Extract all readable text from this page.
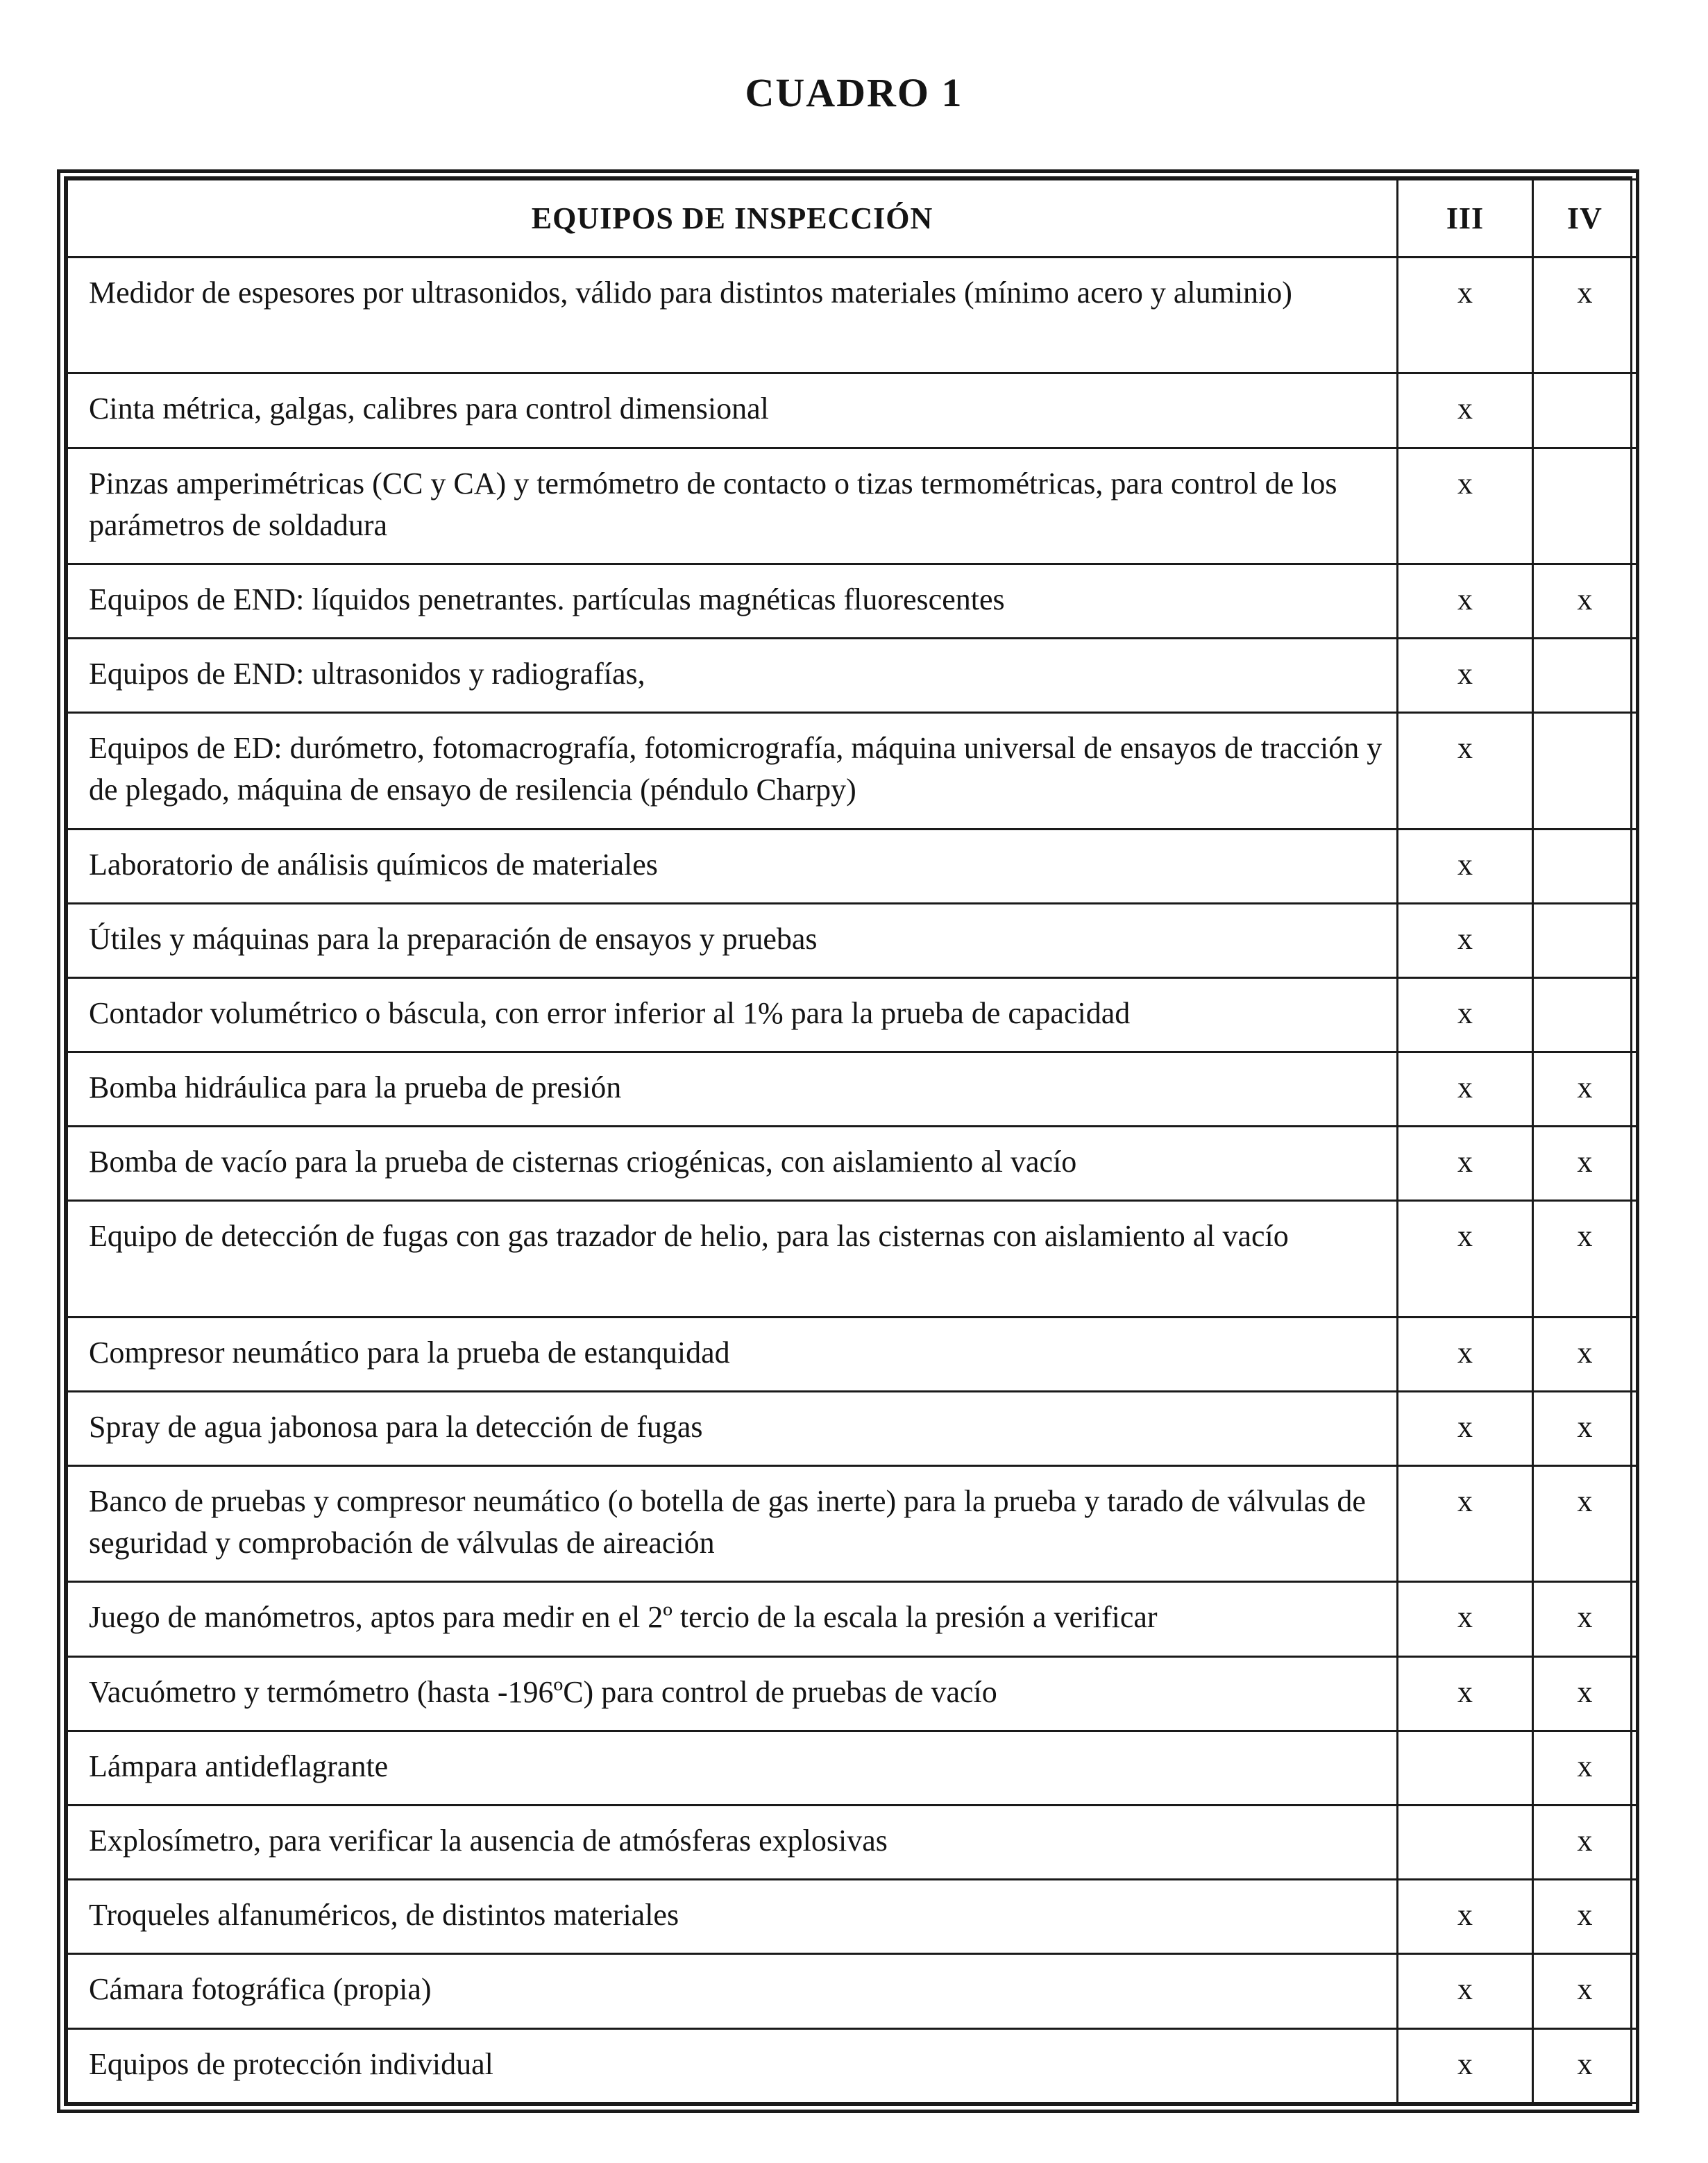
CUADRO 1
EQUIPOS DE INSPECCIÓN	III	IV
Medidor de espesores por ultrasonidos, válido para distintos materiales (mínimo acero y aluminio)	x	x
Cinta métrica, galgas, calibres para control dimensional	x	
Pinzas amperimétricas (CC y CA) y termómetro de contacto o tizas termométricas, para control de los parámetros de soldadura	x	
Equipos de END: líquidos penetrantes. partículas magnéticas fluorescentes	x	x
Equipos de END: ultrasonidos y radiografías,	x	
Equipos de ED: durómetro, fotomacrografía, fotomicrografía, máquina universal de ensayos de tracción y de plegado, máquina de ensayo de resilencia (péndulo Charpy)	x	
Laboratorio de análisis químicos de materiales	x	
Útiles y máquinas para la preparación de ensayos y pruebas	x	
Contador volumétrico o báscula, con error inferior al 1% para la prueba de capacidad	x	
Bomba hidráulica para la prueba de presión	x	x
Bomba de vacío para la prueba de cisternas criogénicas, con aislamiento al vacío	x	x
Equipo de detección de fugas con gas trazador de helio, para las cisternas con aislamiento al vacío	x	x
Compresor neumático para la prueba de estanquidad	x	x
Spray de agua jabonosa para la detección de fugas	x	x
Banco de pruebas y compresor neumático (o botella de gas inerte) para la prueba y tarado de válvulas de seguridad y comprobación de válvulas de aireación	x	x
Juego de manómetros, aptos para medir en el 2º tercio de la escala la presión a verificar	x	x
Vacuómetro y termómetro (hasta -196ºC) para control de pruebas de vacío	x	x
Lámpara antideflagrante		x
Explosímetro, para verificar la ausencia de atmósferas explosivas		x
Troqueles alfanuméricos, de distintos materiales	x	x
Cámara fotográfica (propia)	x	x
Equipos de protección individual	x	x
